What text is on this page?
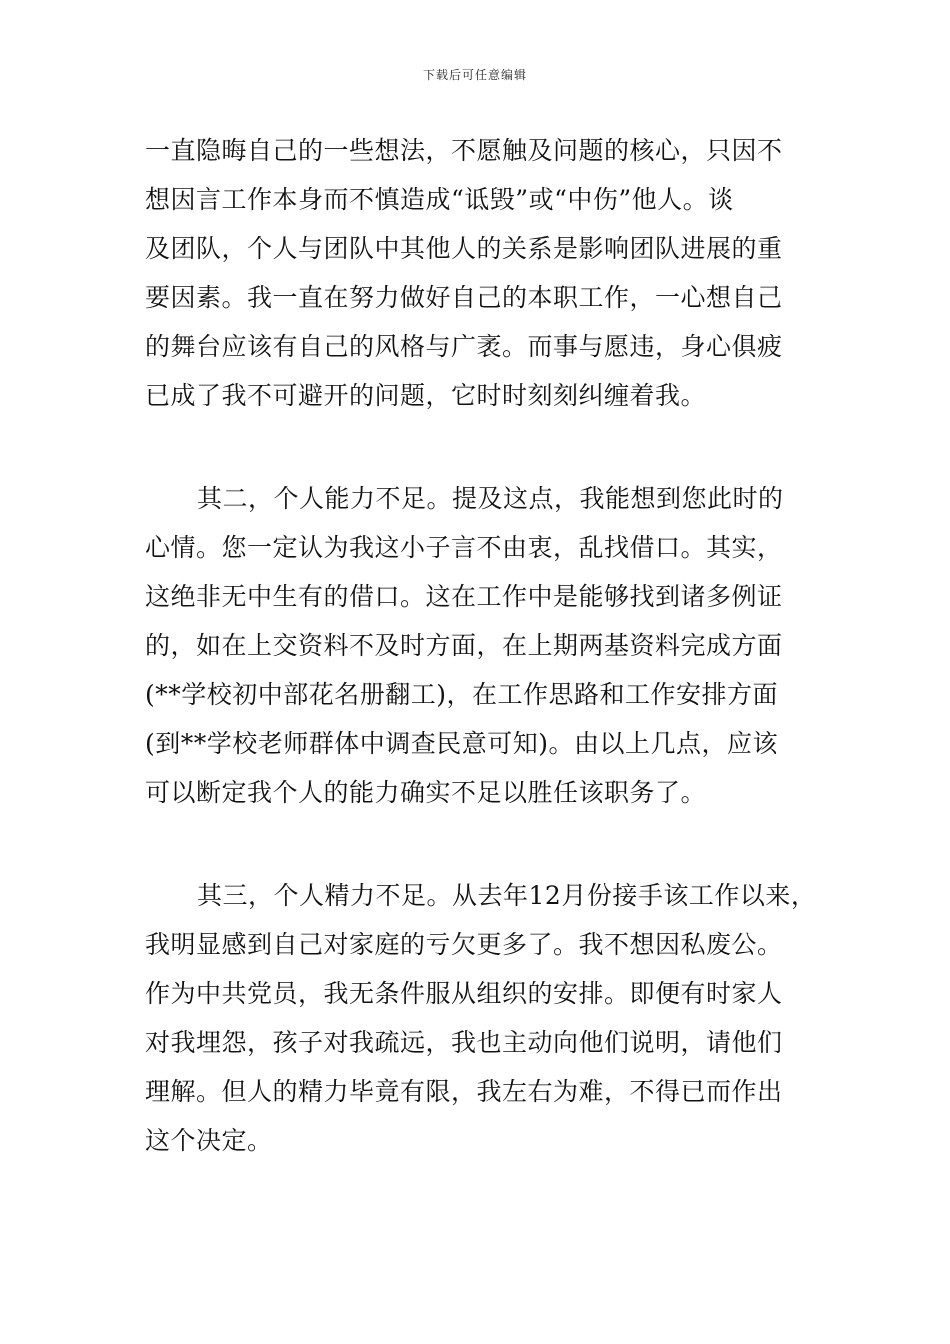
下载后可任意编辑
一直隐晦自己的一些想法，不愿触及问题的核心，只因不
想因言工作本身而不慎造成“诋毁”或“中伤”他人。谈
及团队，个人与团队中其他人的关系是影响团队进展的重
要因素。我一直在努力做好自己的本职工作，一心想自己
的舞台应该有自己的风格与广袤。而事与愿违，身心俱疲
已成了我不可避开的问题，它时时刻刻纠缠着我。
其二，个人能力不足。提及这点，我能想到您此时的
心情。您一定认为我这小子言不由衷，乱找借口。其实，
这绝非无中生有的借口。这在工作中是能够找到诸多例证
的，如在上交资料不及时方面，在上期两基资料完成方面
(**学校初中部花名册翻工)，在工作思路和工作安排方面
(到**学校老师群体中调查民意可知)。由以上几点，应该
可以断定我个人的能力确实不足以胜任该职务了。
其三，个人精力不足。从去年12月份接手该工作以来，
我明显感到自己对家庭的亏欠更多了。我不想因私废公。
作为中共党员，我无条件服从组织的安排。即便有时家人
对我埋怨，孩子对我疏远，我也主动向他们说明，请他们
理解。但人的精力毕竟有限，我左右为难，不得已而作出
这个决定。
